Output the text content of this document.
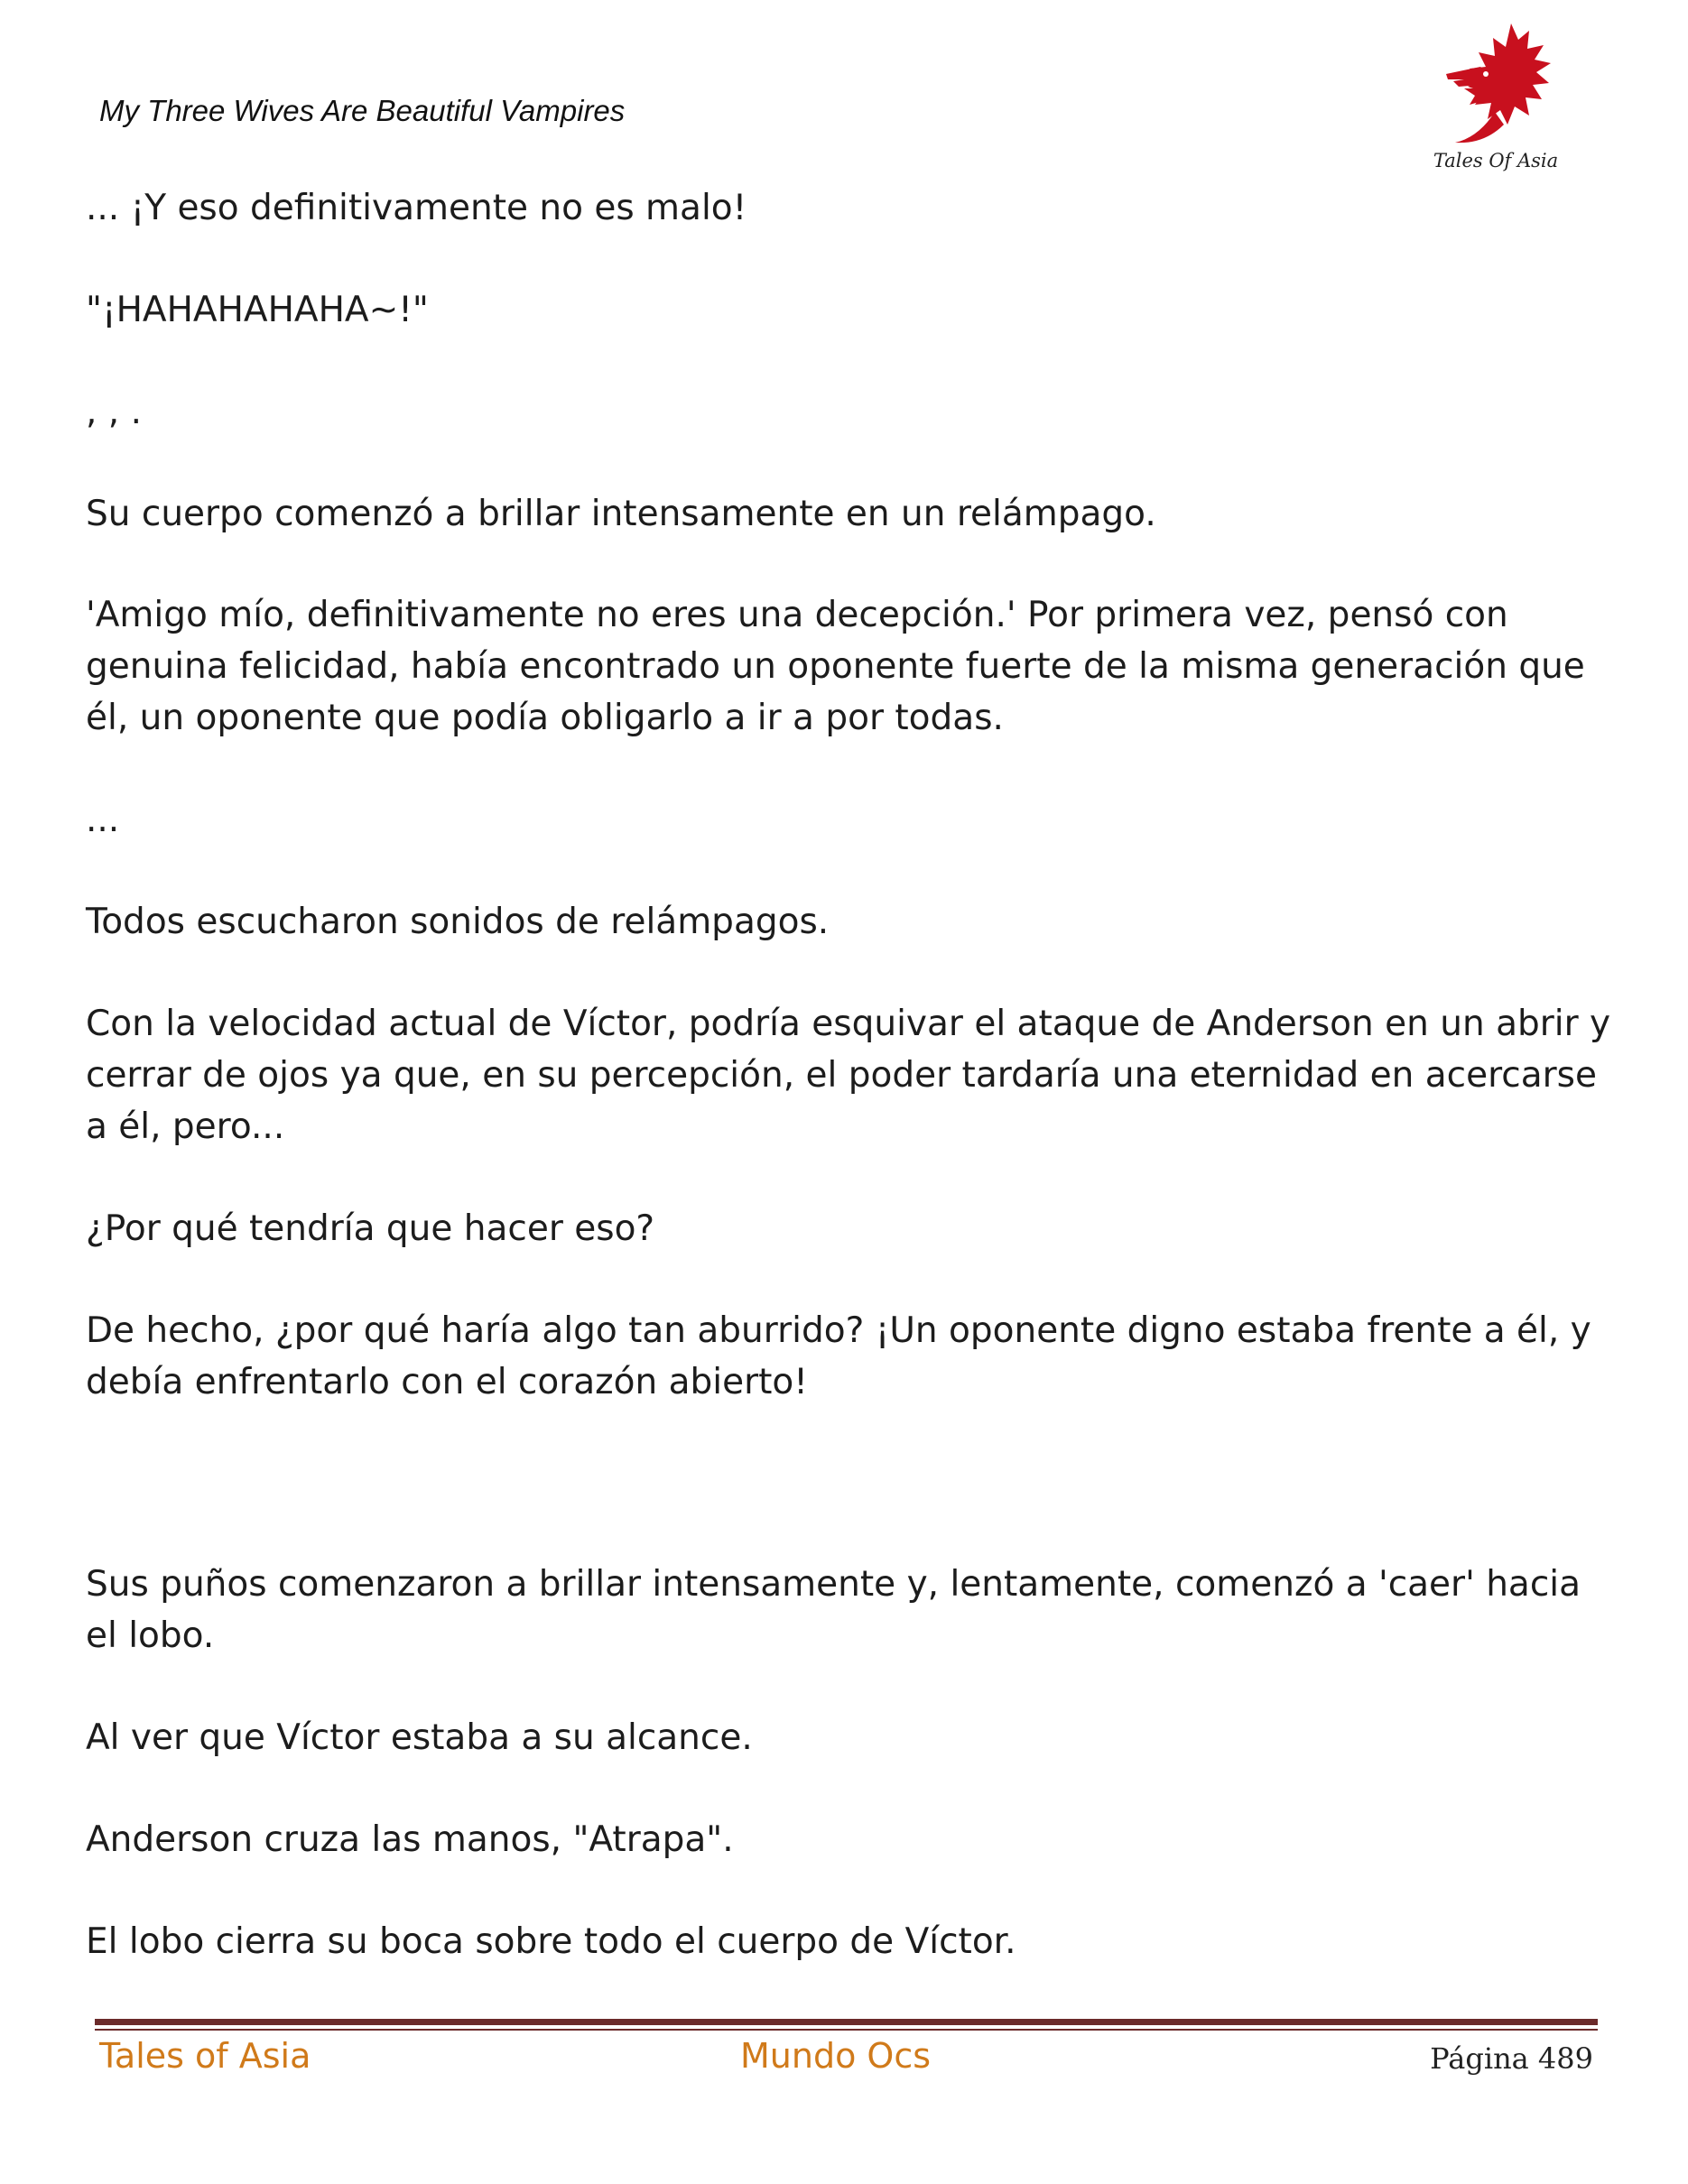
My Three Wives Are Beautiful Vampires
Tales Of Asia

... ¡Y eso definitivamente no es malo!

"¡HAHAHAHAHA~!"

, , .

Su cuerpo comenzó a brillar intensamente en un relámpago.

'Amigo mío, definitivamente no eres una decepción.' Por primera vez, pensó con genuina felicidad, había encontrado un oponente fuerte de la misma generación que él, un oponente que podía obligarlo a ir a por todas.

...

Todos escucharon sonidos de relámpagos.

Con la velocidad actual de Víctor, podría esquivar el ataque de Anderson en un abrir y cerrar de ojos ya que, en su percepción, el poder tardaría una eternidad en acercarse a él, pero...

¿Por qué tendría que hacer eso?

De hecho, ¿por qué haría algo tan aburrido? ¡Un oponente digno estaba frente a él, y debía enfrentarlo con el corazón abierto!

Sus puños comenzaron a brillar intensamente y, lentamente, comenzó a 'caer' hacia el lobo.

Al ver que Víctor estaba a su alcance.

Anderson cruza las manos, "Atrapa".

El lobo cierra su boca sobre todo el cuerpo de Víctor.

Tales of Asia	Mundo Ocs	Página 489
